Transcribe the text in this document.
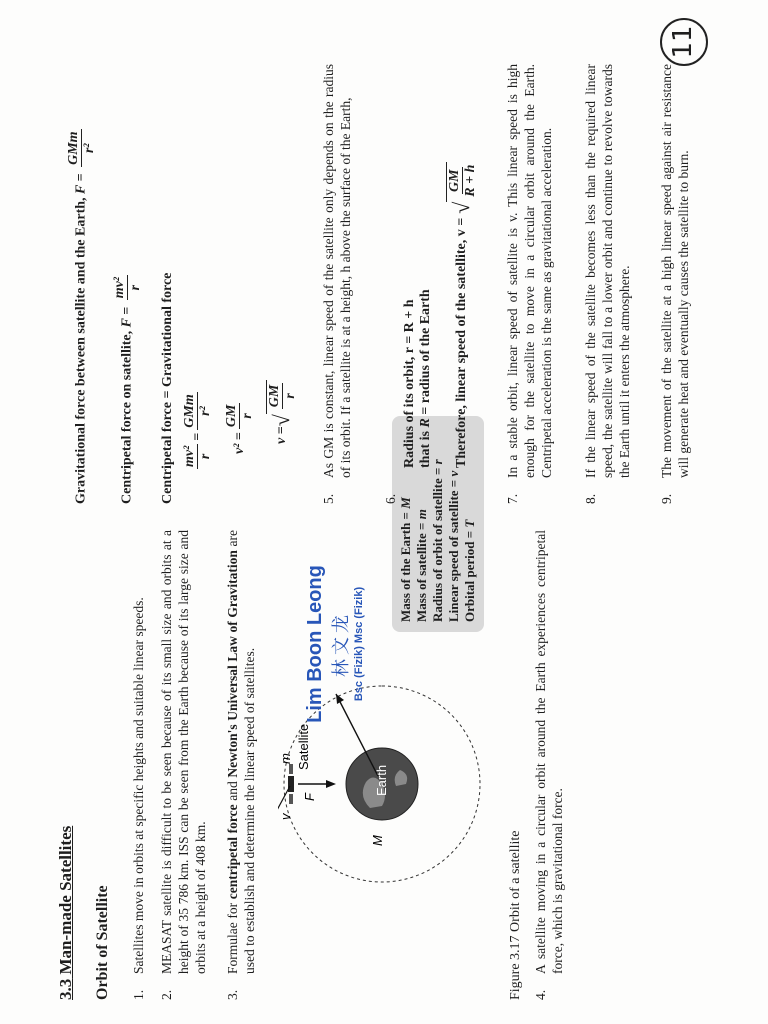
3.3 Man-made Satellites Orbit of Satellite 1.
Satellites move in orbits at specific heights and suitable linear speeds.
2.
MEASAT satellite is difficult to be seen because of its small size and orbits at a height of 35 786 km. ISS can be seen from the Earth because of its large size and orbits at a height of 408 km.
3.
Formulae for centripetal force and Newton's Universal Law of Gravitation are used to establish and determine the linear speed of satellites.	M
Earth
F
Satellite
m
v
Figure 3.17 Orbit of a satellite
Mass of the Earth = M
Mass of satellite = m Radius of orbit of satellite = r
Linear speed of satellite = v
Orbital period = T
Lim Boon Leong 林文龙 Bsc (Fizik) Msc (Fizik)
4.
A satellite moving in a circular orbit around the Earth experiences centripetal force, which is gravitational force.
Gravitational force between satellite and the Earth, F =
GMm r²
Centripetal force on satellite, F =
mv² r Centripetal force = Gravitational force mv² r
=
GMm r²
v² =
GM r
v =
√
GM r
5.
As GM is constant, linear speed of the satellite only depends on the radius of its orbit. If a satellite is at a height, h above the surface of the Earth,
6.
Radius of its orbit, r = R + h that is R = radius of the Earth Therefore, linear speed of the satellite, v =
√
GM R + h
7.
In a stable orbit, linear speed of satellite is v. This linear speed is high enough for the satellite to move in a circular orbit around the Earth. Centripetal acceleration is the same as gravitational acceleration.
8.
If the linear speed of the satellite becomes less than the required linear speed, the satellite will fall to a lower orbit and continue to revolve towards the Earth until it enters the atmosphere.
9.
The movement of the satellite at a high linear speed against air resistance will generate heat and eventually causes the satellite to burn.
11
